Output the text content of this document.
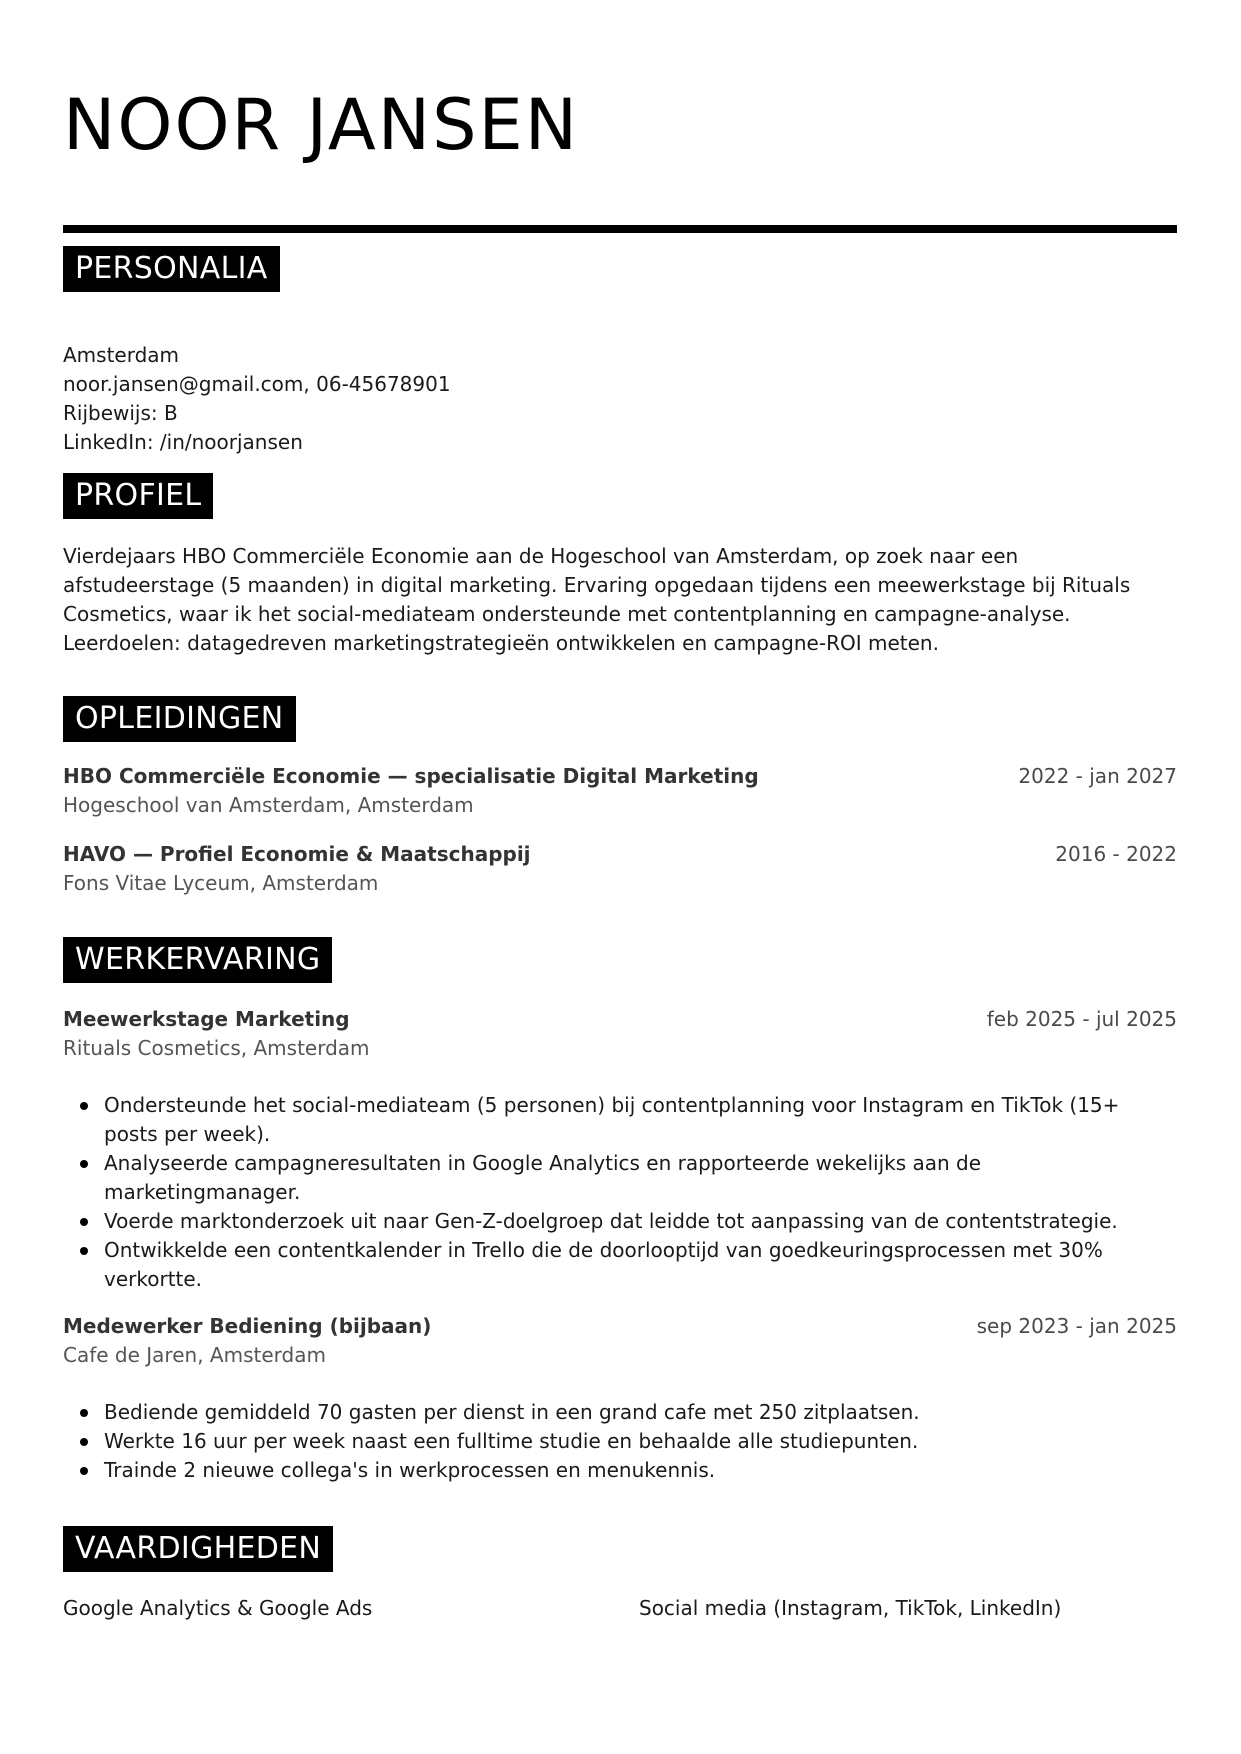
NOOR JANSEN
PERSONALIA
Amsterdam
noor.jansen@gmail.com, 06-45678901
Rijbewijs: B
LinkedIn: /in/noorjansen
PROFIEL
Vierdejaars HBO Commerciële Economie aan de Hogeschool van Amsterdam, op zoek naar een
afstudeerstage (5 maanden) in digital marketing. Ervaring opgedaan tijdens een meewerkstage bij Rituals
Cosmetics, waar ik het social-mediateam ondersteunde met contentplanning en campagne-analyse.
Leerdoelen: datagedreven marketingstrategieën ontwikkelen en campagne-ROI meten.
OPLEIDINGEN
HBO Commerciële Economie — specialisatie Digital Marketing	2022 - jan 2027
Hogeschool van Amsterdam, Amsterdam
HAVO — Profiel Economie & Maatschappij	2016 - 2022
Fons Vitae Lyceum, Amsterdam
WERKERVARING
Meewerkstage Marketing	feb 2025 - jul 2025
Rituals Cosmetics, Amsterdam
Ondersteunde het social-mediateam (5 personen) bij contentplanning voor Instagram en TikTok (15+
posts per week).
Analyseerde campagneresultaten in Google Analytics en rapporteerde wekelijks aan de
marketingmanager.
Voerde marktonderzoek uit naar Gen-Z-doelgroep dat leidde tot aanpassing van de contentstrategie.
Ontwikkelde een contentkalender in Trello die de doorlooptijd van goedkeuringsprocessen met 30%
verkortte.
Medewerker Bediening (bijbaan)	sep 2023 - jan 2025
Cafe de Jaren, Amsterdam
Bediende gemiddeld 70 gasten per dienst in een grand cafe met 250 zitplaatsen.
Werkte 16 uur per week naast een fulltime studie en behaalde alle studiepunten.
Trainde 2 nieuwe collega's in werkprocessen en menukennis.
VAARDIGHEDEN
Google Analytics & Google Ads	Social media (Instagram, TikTok, LinkedIn)
